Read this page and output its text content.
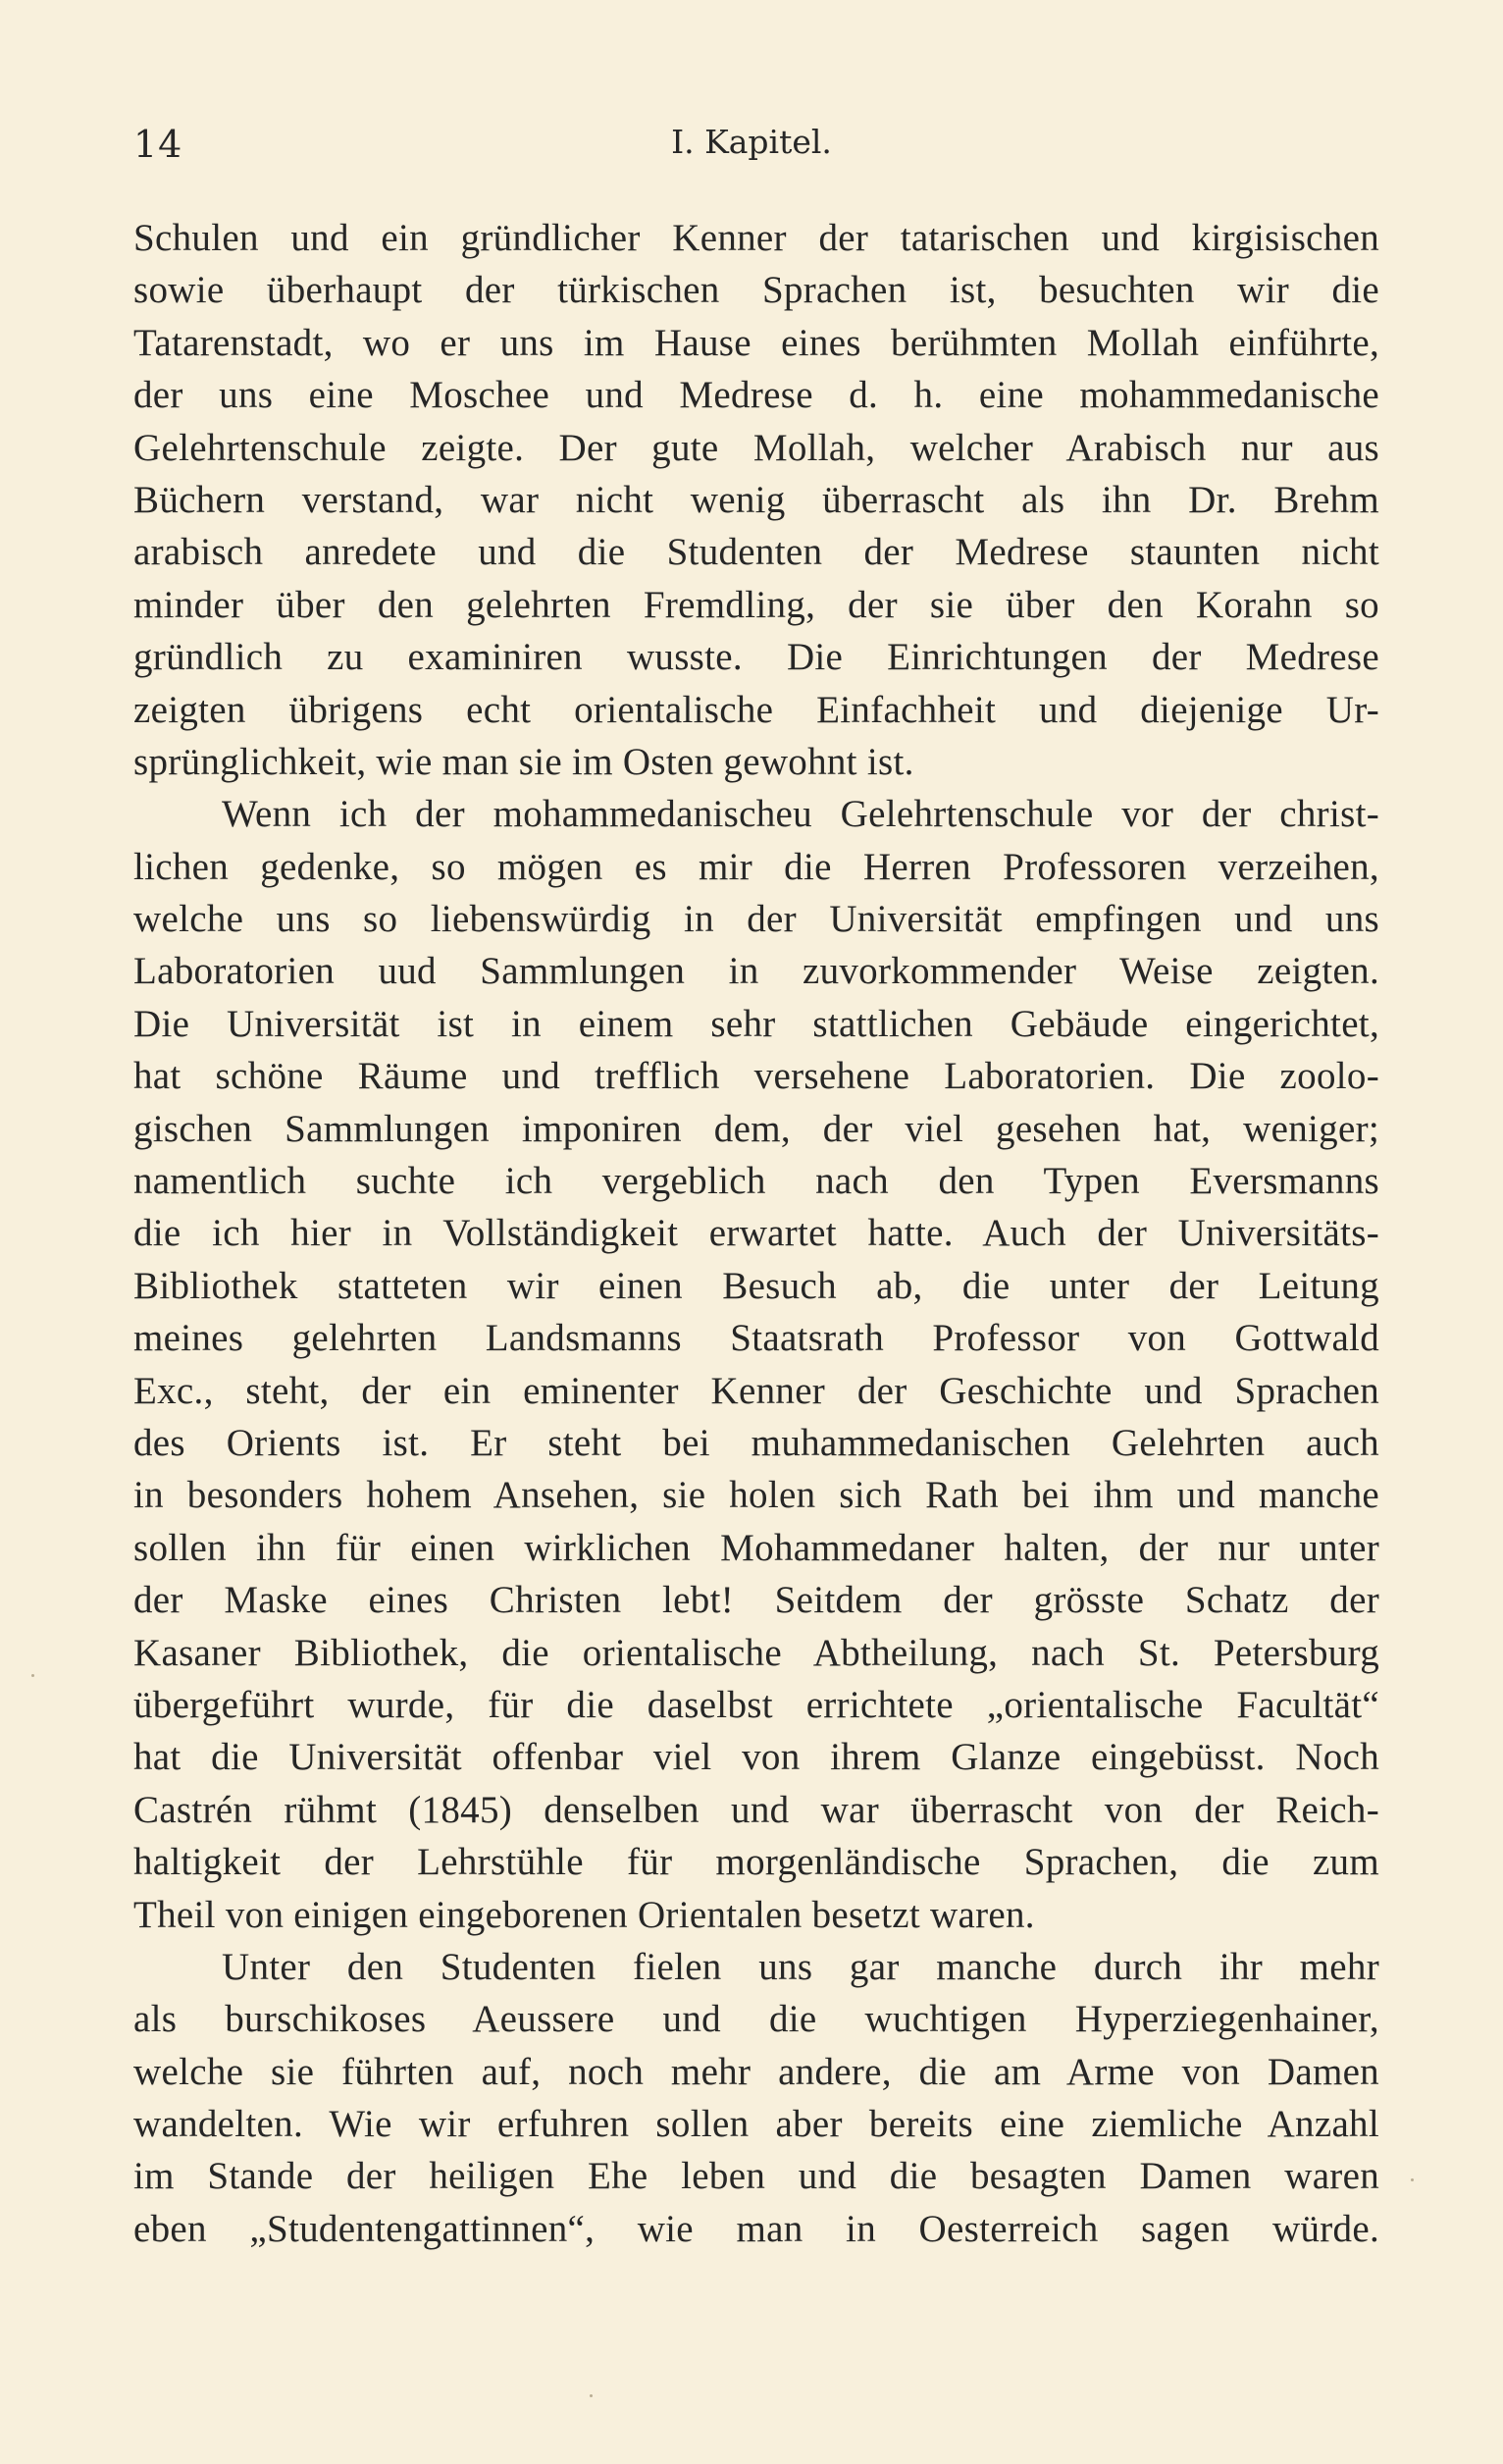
14	I. Kapitel.
Schulen und ein gründlicher Kenner der tatarischen und kirgisischen
sowie überhaupt der türkischen Sprachen ist, besuchten wir die
Tatarenstadt, wo er uns im Hause eines berühmten Mollah einführte,
der uns eine Moschee und Medrese d. h. eine mohammedanische
Gelehrtenschule zeigte. Der gute Mollah, welcher Arabisch nur aus
Büchern verstand, war nicht wenig überrascht als ihn Dr. Brehm
arabisch anredete und die Studenten der Medrese staunten nicht
minder über den gelehrten Fremdling, der sie über den Korahn so
gründlich zu examiniren wusste. Die Einrichtungen der Medrese
zeigten übrigens echt orientalische Einfachheit und diejenige Ur-
sprünglichkeit, wie man sie im Osten gewohnt ist.
Wenn ich der mohammedanischeu Gelehrtenschule vor der christ-
lichen gedenke, so mögen es mir die Herren Professoren verzeihen,
welche uns so liebenswürdig in der Universität empfingen und uns
Laboratorien uud Sammlungen in zuvorkommender Weise zeigten.
Die Universität ist in einem sehr stattlichen Gebäude eingerichtet,
hat schöne Räume und trefflich versehene Laboratorien. Die zoolo-
gischen Sammlungen imponiren dem, der viel gesehen hat, weniger;
namentlich suchte ich vergeblich nach den Typen Eversmanns
die ich hier in Vollständigkeit erwartet hatte. Auch der Universitäts-
Bibliothek statteten wir einen Besuch ab, die unter der Leitung
meines gelehrten Landsmanns Staatsrath Professor von Gottwald
Exc., steht, der ein eminenter Kenner der Geschichte und Sprachen
des Orients ist. Er steht bei muhammedanischen Gelehrten auch
in besonders hohem Ansehen, sie holen sich Rath bei ihm und manche
sollen ihn für einen wirklichen Mohammedaner halten, der nur unter
der Maske eines Christen lebt! Seitdem der grösste Schatz der
Kasaner Bibliothek, die orientalische Abtheilung, nach St. Petersburg
übergeführt wurde, für die daselbst errichtete „orientalische Facultät“
hat die Universität offenbar viel von ihrem Glanze eingebüsst. Noch
Castrén rühmt (1845) denselben und war überrascht von der Reich-
haltigkeit der Lehrstühle für morgenländische Sprachen, die zum
Theil von einigen eingeborenen Orientalen besetzt waren.
Unter den Studenten fielen uns gar manche durch ihr mehr
als burschikoses Aeussere und die wuchtigen Hyperziegenhainer,
welche sie führten auf, noch mehr andere, die am Arme von Damen
wandelten. Wie wir erfuhren sollen aber bereits eine ziemliche Anzahl
im Stande der heiligen Ehe leben und die besagten Damen waren
eben „Studentengattinnen“, wie man in Oesterreich sagen würde.
